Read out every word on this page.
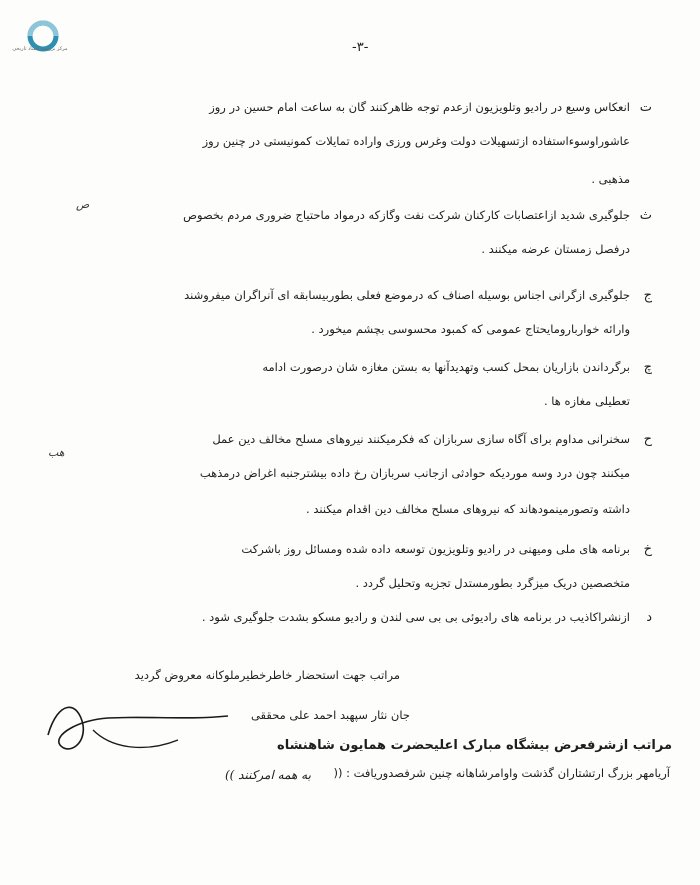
مرکز بررسی اسناد تاریخی	-٣-
ت
انعکاس وسیع در رادیو وتلویزیون ازعدم توجه ظاهرکنند گان به ساعت امام حسین در روز
عاشوراوسوءاستفاده ازتسهیلات دولت وغرس ورزی واراده تمایلات کمونیستی در چنین روز
مذهبی .
ث
جلوگیری شدید ازاعتصابات کارکنان شرکت نفت وگازکه درمواد ماحتیاج ضروری مردم بخصوص
درفصل زمستان عرضه میکنند .
ص
ج
جلوگیری ازگرانی اجناس بوسیله اصناف که درموضع فعلی بطوربیسابقه ای آنراگران میفروشند
وارائه خواربارومایحتاج عمومی که کمبود محسوسی بچشم میخورد .
چ
برگرداندن بازاریان بمحل کسب وتهدیدآنها به بستن مغازه شان درصورت ادامه
تعطیلی مغازه ها .
ح
سخنرانی مداوم برای آگاه سازی سربازان که فکرمیکنند نیروهای مسلح مخالف دین عمل
میکنند چون درد وسه موردیکه حوادثی ازجانب سربازان رخ داده بیشترجنبه اغراض درمذهب
هب
داشته وتصورمینمودهاند که نیروهای مسلح مخالف دین اقدام میکنند .
خ
برنامه های ملی ومیهنی در رادیو وتلویزیون توسعه داده شده ومسائل روز باشرکت
متخصصین دریک میزگرد بطورمستدل تجزیه وتحلیل گردد .
د
ازنشراکاذیب در برنامه های رادیوئی بی بی سی لندن و رادیو مسکو بشدت جلوگیری شود .
مراتب جهت استحضار خاطرخطیرملوکانه معروض گردید
جان نثار سپهبد احمد علی محققی
مراتب ازشرفعرض بیشگاه مبارک اعلیحضرت همایون شاهنشاه
آریامهر بزرگ ارتشتاران گذشت واوامرشاهانه چنین شرفصدوریافت : ((
به همه امرکنند ))
